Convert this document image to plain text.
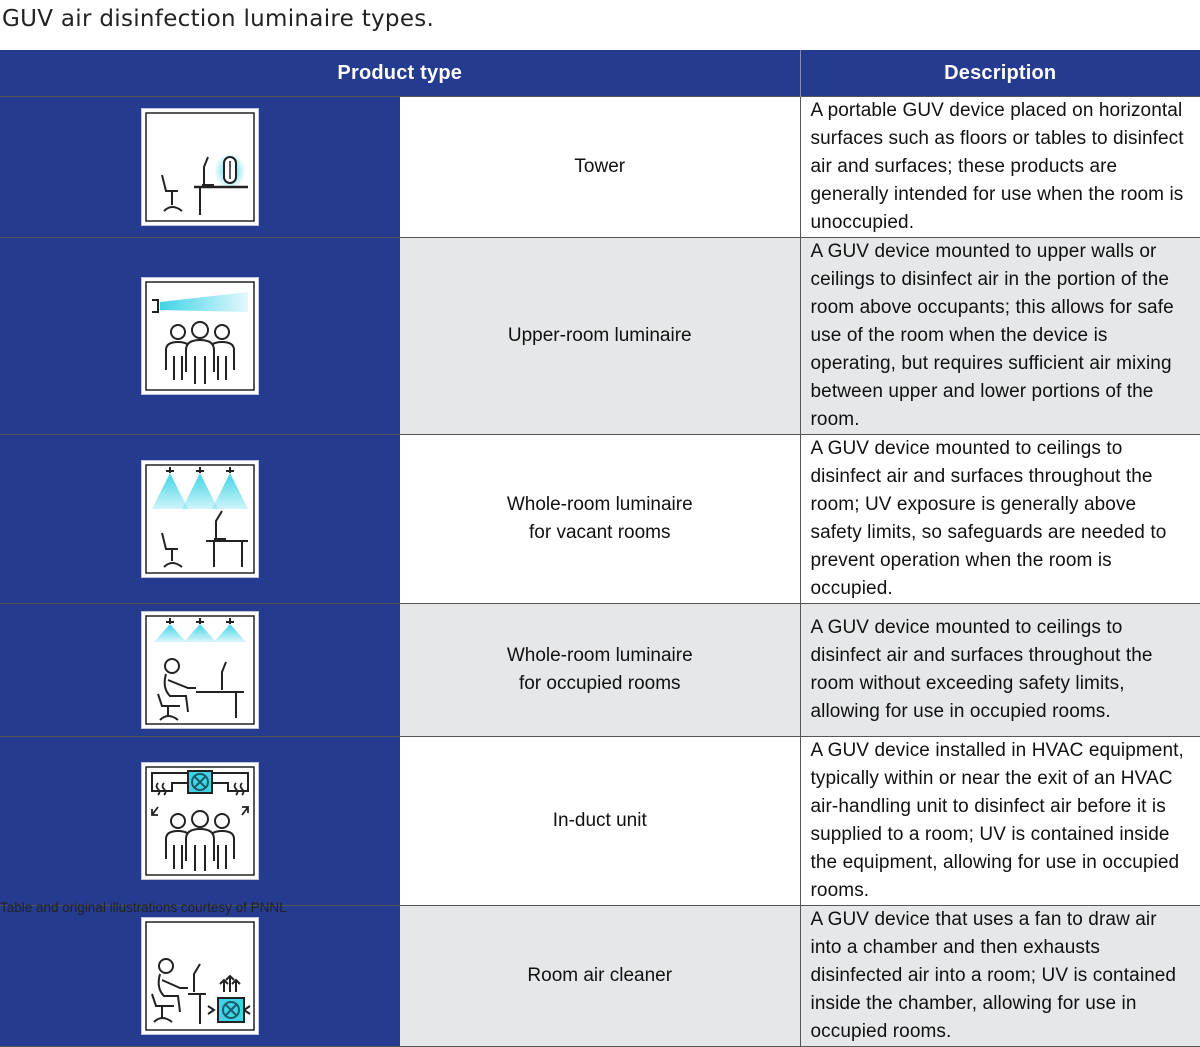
GUV air disinfection luminaire types.
Product type		Description

	Tower	A portable GUV device placed on horizontal surfaces such as floors or tables to disinfect air and surfaces; these products are generally intended for use when the room is unoccupied.

	Upper-room luminaire	A GUV device mounted to upper walls or ceilings to disinfect air in the portion of the room above occupants; this allows for safe use of the room when the device is operating, but requires sufficient air mixing between upper and lower portions of the room.

	Whole-room luminaire
for vacant rooms	A GUV device mounted to ceilings to disinfect air and surfaces throughout the room; UV exposure is generally above safety limits, so safeguards are needed to prevent operation when the room is occupied.

	Whole-room luminaire
for occupied rooms	A GUV device mounted to ceilings to disinfect air and surfaces throughout the room without exceeding safety limits, allowing for use in occupied rooms.

	In-duct unit	A GUV device installed in HVAC equipment, typically within or near the exit of an HVAC air-handling unit to disinfect air before it is supplied to a room; UV is contained inside the equipment, allowing for use in occupied rooms.

	Room air cleaner	A GUV device that uses a fan to draw air into a chamber and then exhausts disinfected air into a room; UV is contained inside the chamber, allowing for use in occupied rooms.
Table and original illustrations courtesy of PNNL
